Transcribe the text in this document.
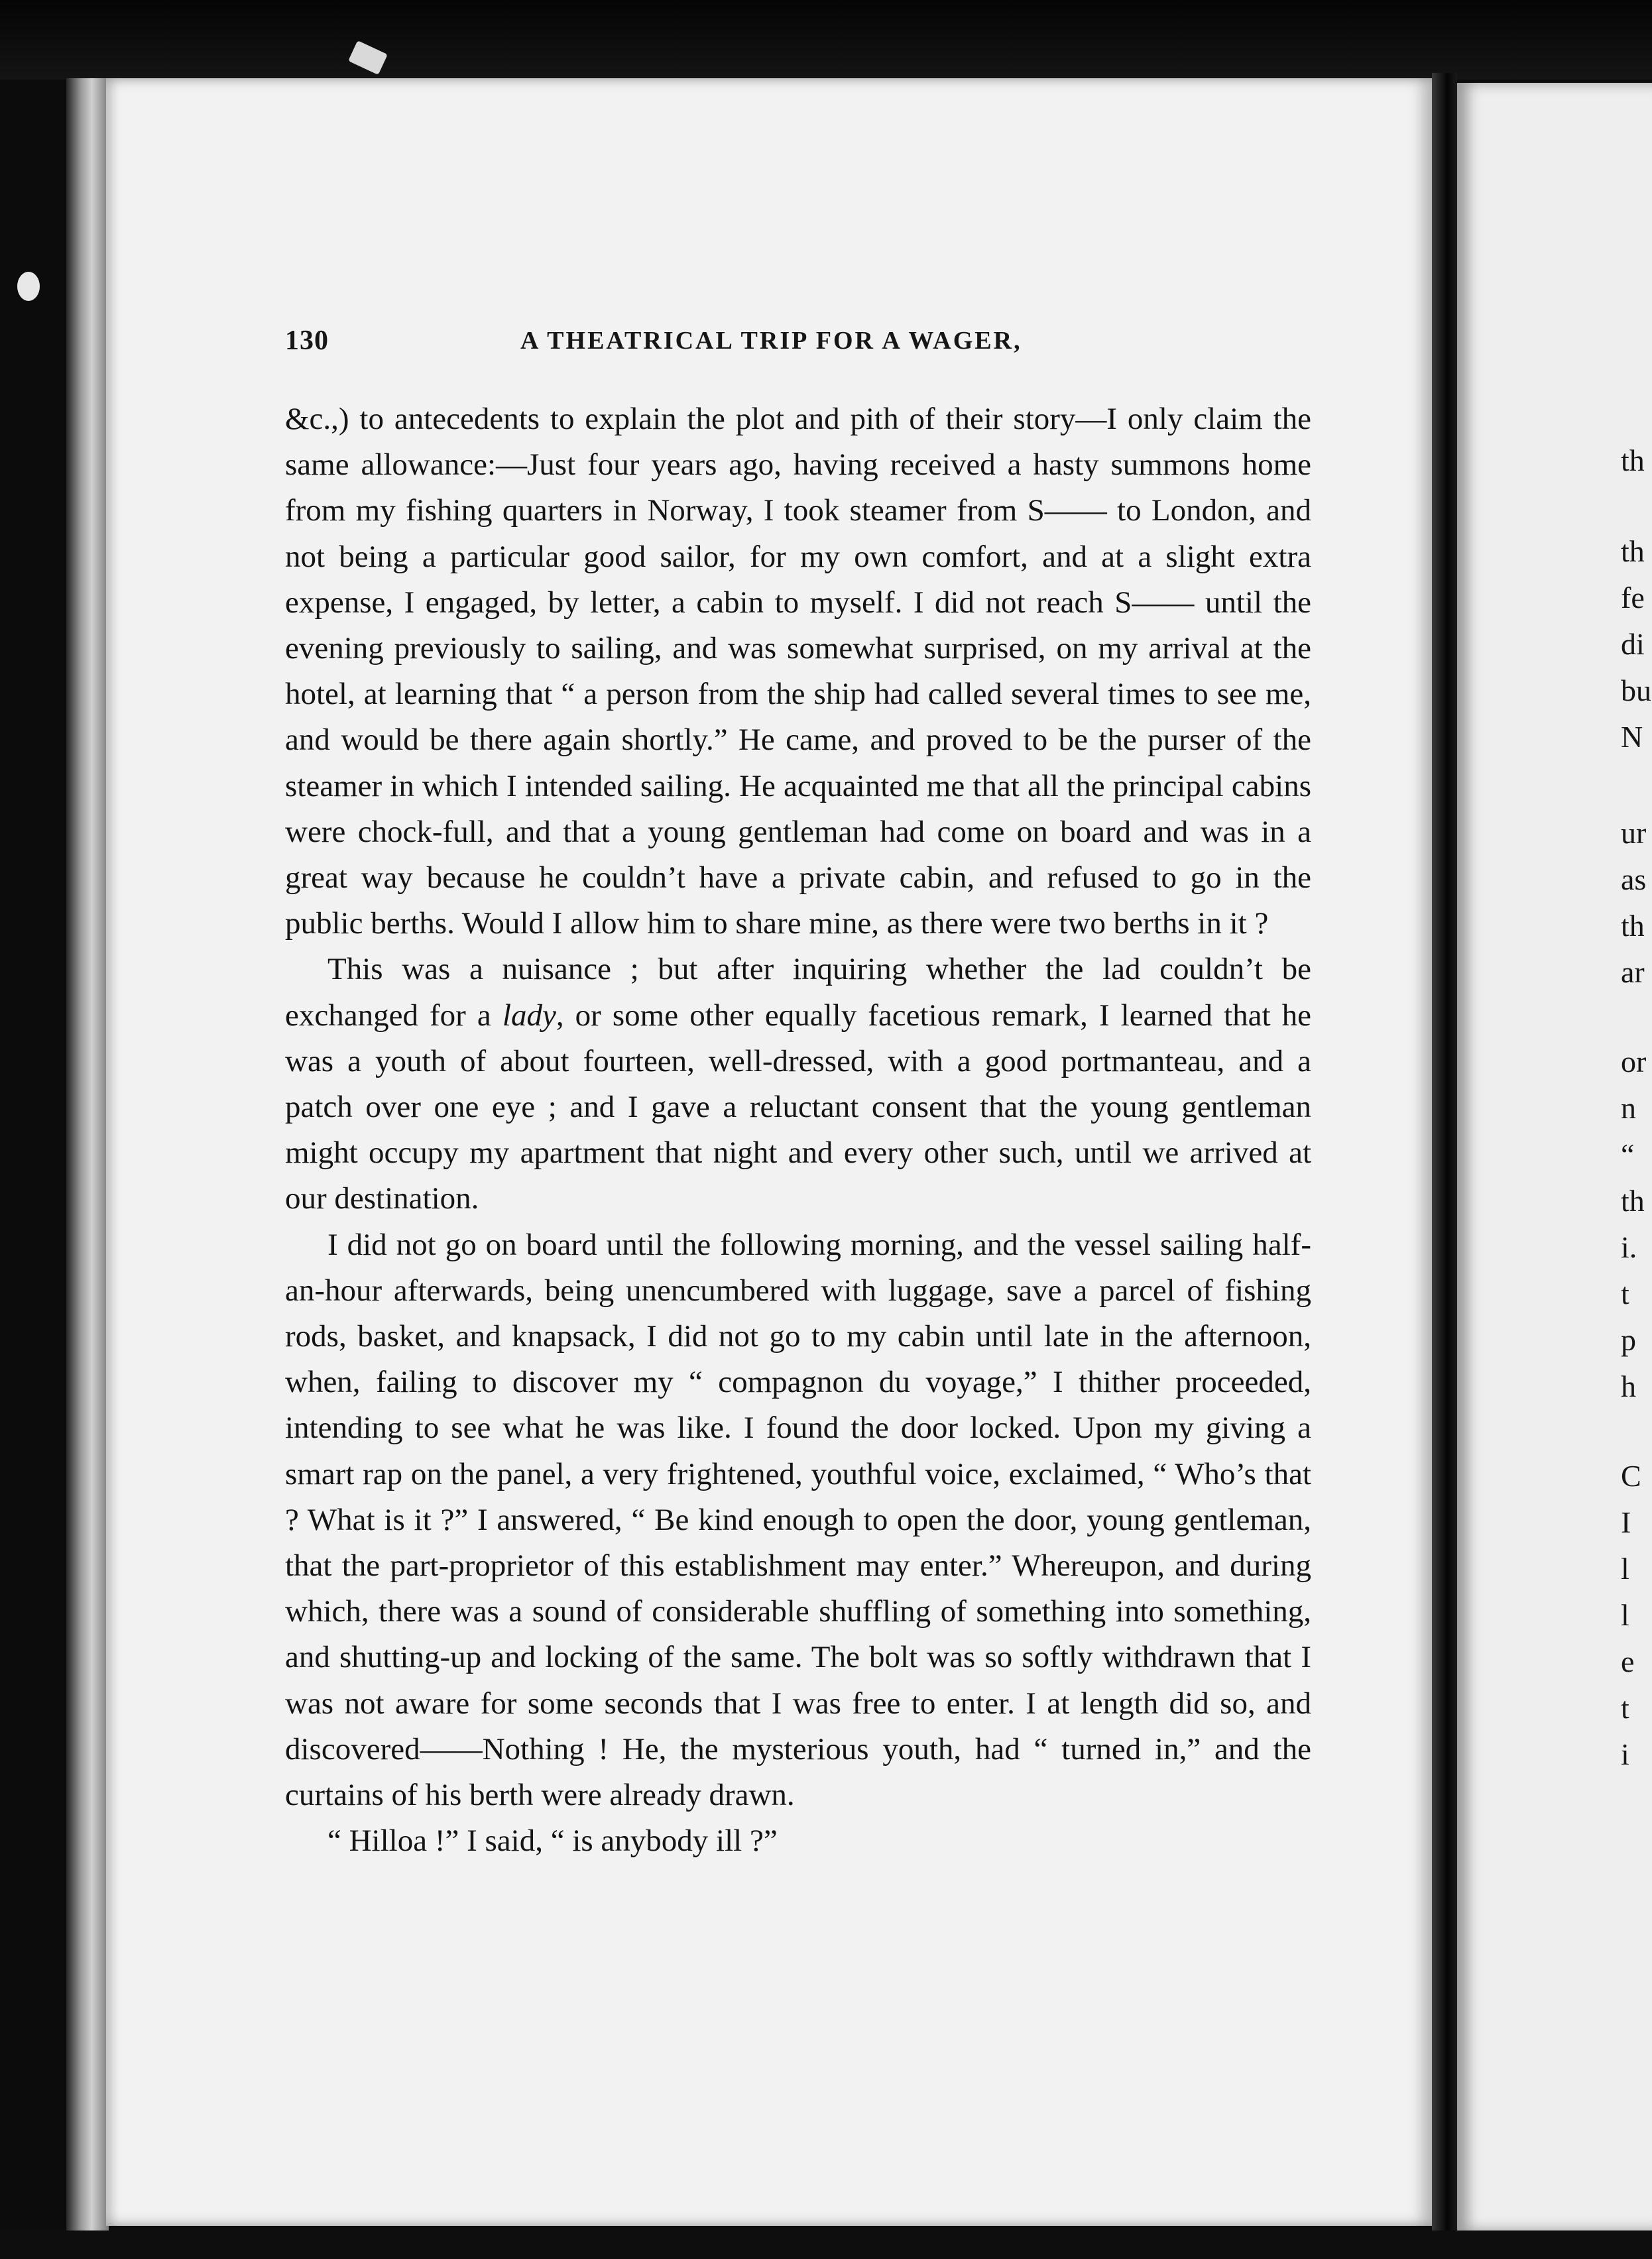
130	A THEATRICAL TRIP FOR A WAGER,

&c.,) to antecedents to explain the plot and pith of their story—I only claim the same allowance:—Just four years ago, having received a hasty summons home from my fishing quarters in Norway, I took steamer from S—— to London, and not being a particular good sailor, for my own comfort, and at a slight extra expense, I engaged, by letter, a cabin to myself. I did not reach S—— until the evening previously to sailing, and was somewhat surprised, on my arrival at the hotel, at learning that “ a person from the ship had called several times to see me, and would be there again shortly.” He came, and proved to be the purser of the steamer in which I intended sailing. He acquainted me that all the principal cabins were chock-full, and that a young gentleman had come on board and was in a great way because he couldn’t have a private cabin, and refused to go in the public berths. Would I allow him to share mine, as there were two berths in it ?

This was a nuisance ; but after inquiring whether the lad couldn’t be exchanged for a lady, or some other equally facetious remark, I learned that he was a youth of about fourteen, well-dressed, with a good portmanteau, and a patch over one eye ; and I gave a reluctant consent that the young gentleman might occupy my apartment that night and every other such, until we arrived at our destination.

I did not go on board until the following morning, and the vessel sailing half-an-hour afterwards, being unencumbered with luggage, save a parcel of fishing rods, basket, and knapsack, I did not go to my cabin until late in the afternoon, when, failing to discover my “ compagnon du voyage,” I thither proceeded, intending to see what he was like. I found the door locked. Upon my giving a smart rap on the panel, a very frightened, youthful voice, exclaimed, “ Who’s that ? What is it ?” I answered, “ Be kind enough to open the door, young gentleman, that the part-proprietor of this establishment may enter.” Whereupon, and during which, there was a sound of considerable shuffling of something into something, and shutting-up and locking of the same. The bolt was so softly withdrawn that I was not aware for some seconds that I was free to enter. I at length did so, and discovered——Nothing ! He, the mysterious youth, had “ turned in,” and the curtains of his berth were already drawn.

“ Hilloa !” I said, “ is anybody ill ?”

th
th
fe
di
bu
N
ur
as
th
ar
or
n
“
th
i.
t
p
h
C
I
l
l
e
t
i
